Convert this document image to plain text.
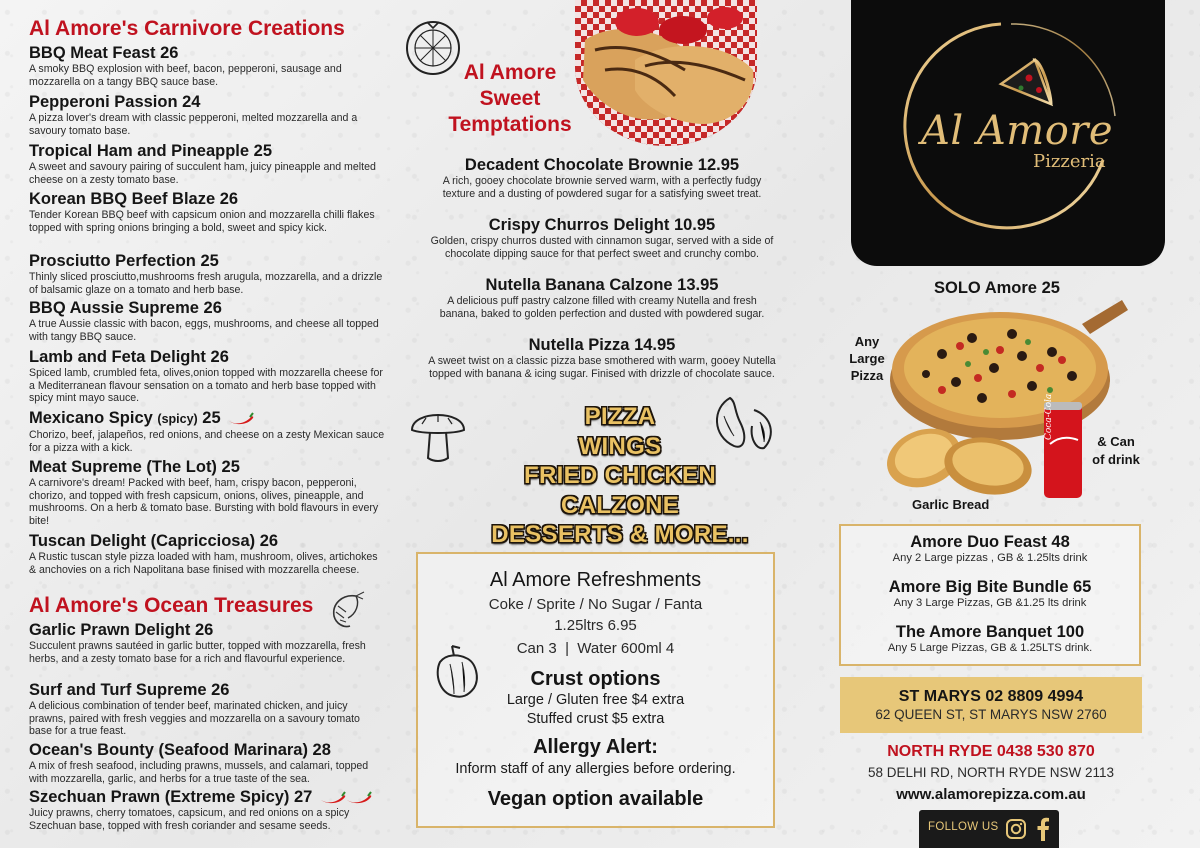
Al Amore's Carnivore Creations
BBQ Meat Feast 26
A smoky BBQ explosion with beef, bacon, pepperoni, sausage and mozzarella on a tangy BBQ sauce base.
Pepperoni Passion 24
A pizza lover's dream with classic pepperoni, melted mozzarella and a savoury tomato base.
Tropical Ham and Pineapple 25
A sweet and savoury pairing of succulent ham, juicy pineapple and melted cheese on a zesty tomato base.
Korean BBQ Beef Blaze 26
Tender Korean BBQ beef with capsicum onion and mozzarella chilli flakes topped with spring onions bringing a bold, sweet and spicy kick.
Prosciutto Perfection 25
Thinly sliced prosciutto,mushrooms fresh arugula, mozzarella, and a drizzle of balsamic glaze on a tomato and herb base.
BBQ Aussie Supreme 26
A true Aussie classic with bacon, eggs, mushrooms, and cheese all topped with tangy BBQ sauce.
Lamb and Feta Delight 26
Spiced lamb, crumbled feta, olives,onion topped with mozzarella cheese for a Mediterranean flavour sensation on a tomato and herb base topped with spicy mint mayo sauce.
Mexicano Spicy (spicy) 25
Chorizo, beef, jalapeños, red onions, and cheese on a zesty Mexican sauce for a pizza with a kick.
Meat Supreme (The Lot) 25
A carnivore's dream! Packed with beef, ham, crispy bacon, pepperoni, chorizo, and topped with fresh capsicum, onions, olives, pineapple, and mushrooms. On a herb & tomato base. Bursting with bold flavours in every bite!
Tuscan Delight (Capricciosa) 26
A Rustic tuscan style pizza loaded with ham, mushroom, olives, artichokes & anchovies on a rich Napolitana base finised with mozzarella cheese.
Al Amore's Ocean Treasures
Garlic Prawn Delight 26
Succulent prawns sautéed in garlic butter, topped with mozzarella, fresh herbs, and a zesty tomato base for a rich and flavourful experience.
Surf and Turf Supreme 26
A delicious combination of tender beef, marinated chicken, and juicy prawns, paired with fresh veggies and mozzarella on a savoury tomato base for a true feast.
Ocean's Bounty (Seafood Marinara) 28
A mix of fresh seafood, including prawns, mussels, and calamari, topped with mozzarella, garlic, and herbs for a true taste of the sea.
Szechuan Prawn (Extreme Spicy) 27
Juicy prawns, cherry tomatoes, capsicum, and red onions on a spicy Szechuan base, topped with fresh coriander and sesame seeds.
Al Amore
Sweet
Temptations
Decadent Chocolate Brownie 12.95
A rich, gooey chocolate brownie served warm, with a perfectly fudgy texture and a dusting of powdered sugar for a satisfying sweet treat.
Crispy Churros Delight 10.95
Golden, crispy churros dusted with cinnamon sugar, served with a side of chocolate dipping sauce for that perfect sweet and crunchy combo.
Nutella Banana Calzone 13.95
A delicious puff pastry calzone filled with creamy Nutella and fresh banana, baked to golden perfection and dusted with powdered sugar.
Nutella Pizza 14.95
A sweet twist on a classic pizza base smothered with warm, gooey Nutella topped with banana & icing sugar. Finised with drizzle of chocolate sauce.
PIZZA
WINGS
FRIED CHICKEN
CALZONE
DESSERTS & MORE...
Al Amore Refreshments
Coke / Sprite / No Sugar / Fanta
1.25ltrs 6.95
Can 3  |  Water 600ml 4
Crust options
Large / Gluten free $4 extra
Stuffed crust $5 extra
Allergy Alert:
Inform staff of any allergies before ordering.
Vegan option available
Al Amore
Pizzeria
SOLO Amore 25
Any
Large
Pizza
Coca-Cola
& Can
of drink
Garlic Bread
Amore Duo Feast 48
Any 2 Large pizzas , GB & 1.25lts drink
Amore Big Bite Bundle 65
Any 3 Large Pizzas, GB &1.25 lts drink
The Amore Banquet 100
Any 5 Large Pizzas, GB & 1.25LTS drink.
ST MARYS 02 8809 4994
62 QUEEN ST, ST MARYS NSW 2760
NORTH RYDE 0438 530 870
58 DELHI RD, NORTH RYDE NSW 2113
www.alamorepizza.com.au
FOLLOW US
